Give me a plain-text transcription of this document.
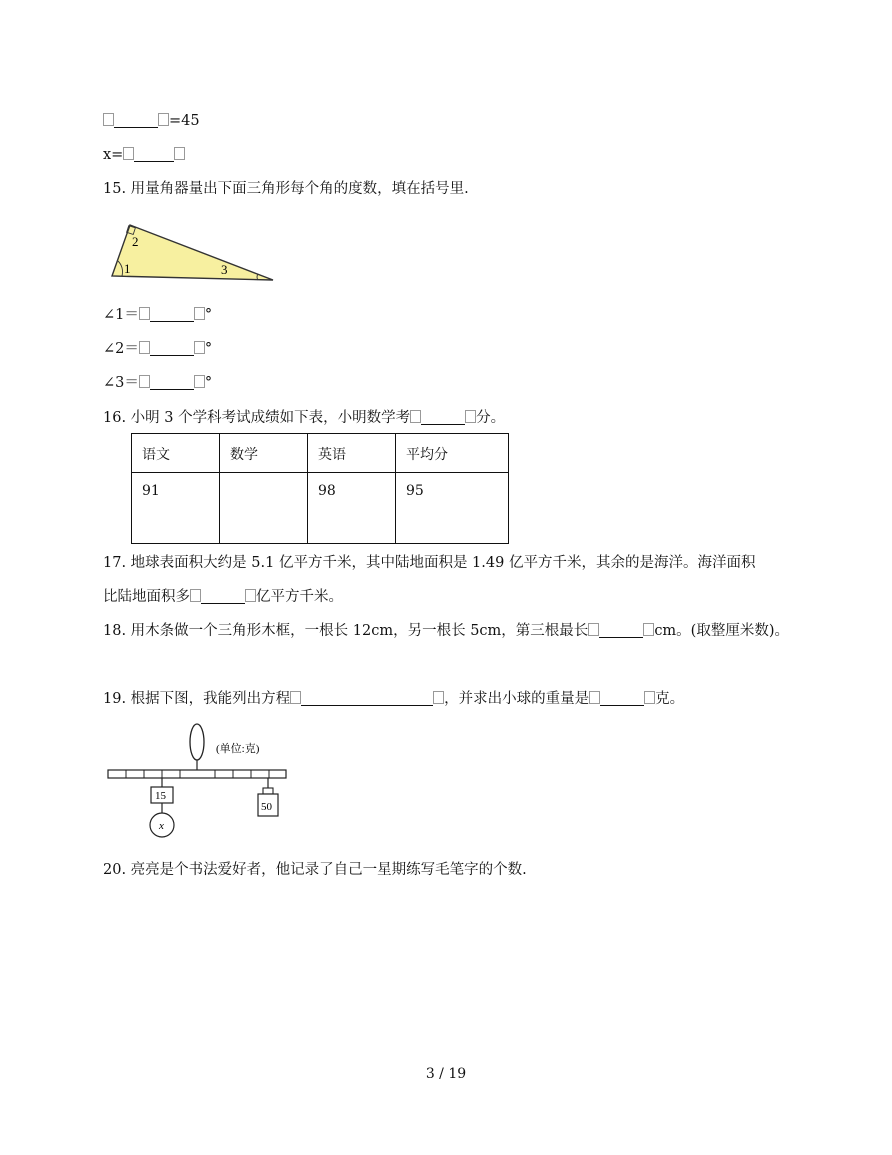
=45
x=
15. 用量角器量出下面三角形每个角的度数，填在括号里.
1
2
3
∠1＝	°
∠2＝	°
∠3＝	°
16. 小明 3 个学科考试成绩如下表，小明数学考	分。
语文	数学	英语	平均分
91		98	95
17. 地球表面积大约是 5.1 亿平方千米，其中陆地面积是 1.49 亿平方千米，其余的是海洋。海洋面积
比陆地面积多	亿平方千米。
18. 用木条做一个三角形木框，一根长 12cm，另一根长 5cm，第三根最长	cm。(取整厘米数)。
19. 根据下图，我能列出方程	，并求出小球的重量是	克。
(单位:克)
15
x
50
20. 亮亮是个书法爱好者，他记录了自己一星期练写毛笔字的个数.
3 / 19
